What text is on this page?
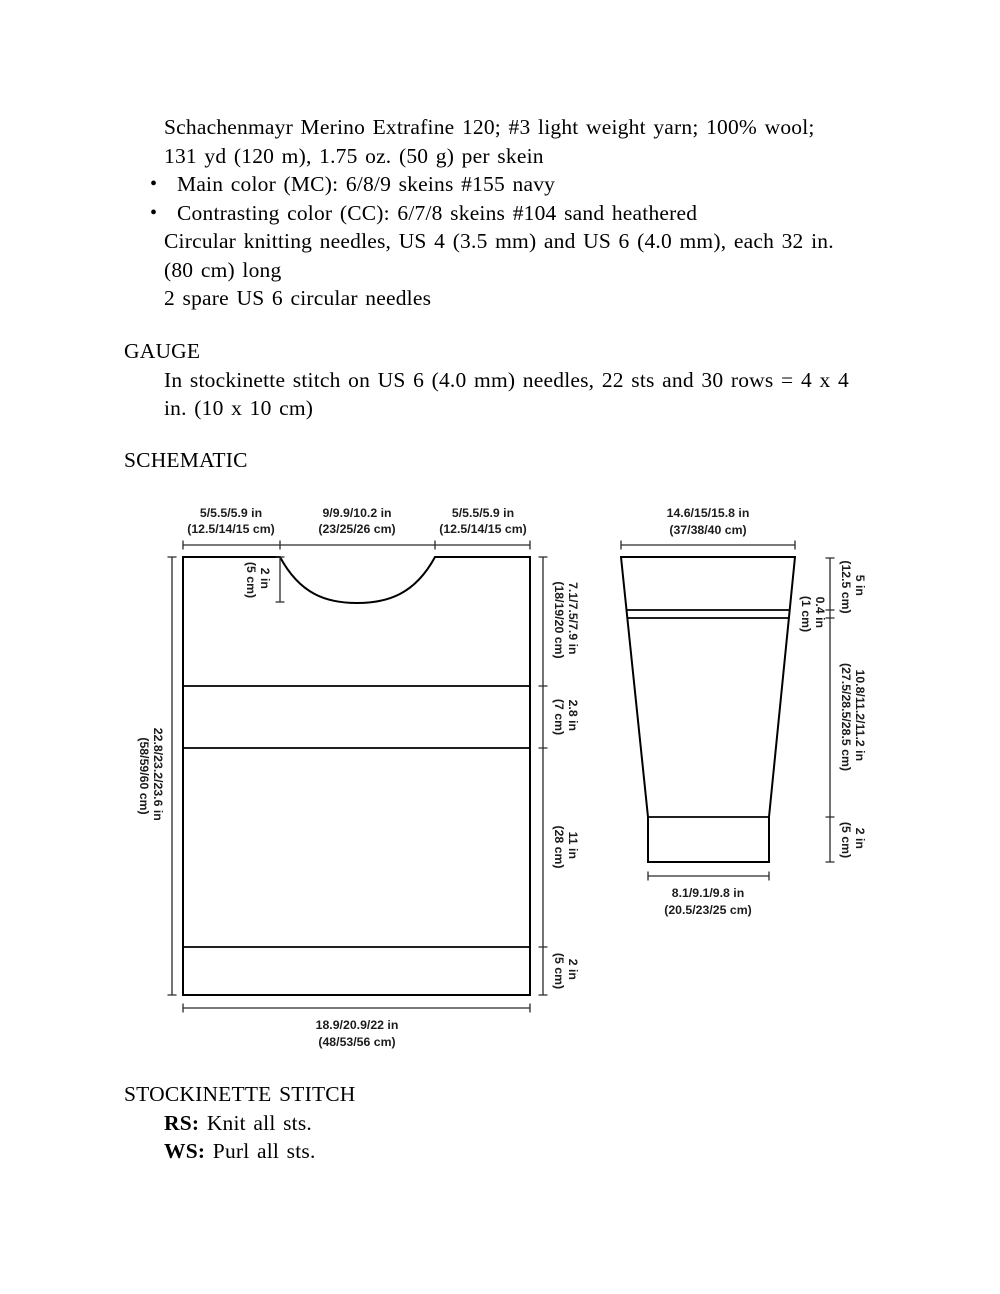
Schachenmayr Merino Extrafine 120; #3 light weight yarn; 100% wool;
131 yd (120 m), 1.75 oz. (50 g) per skein
• Main color (MC): 6/8/9 skeins #155 navy
• Contrasting color (CC): 6/7/8 skeins #104 sand heathered
Circular knitting needles, US 4 (3.5 mm) and US 6 (4.0 mm), each 32 in.
(80 cm) long
2 spare US 6 circular needles
GAUGE
In stockinette stitch on US 6 (4.0 mm) needles, 22 sts and 30 rows = 4 x 4
in. (10 x 10 cm)
SCHEMATIC
5/5.5/5.9 in
(12.5/14/15 cm)
9/9.9/10.2 in
(23/25/26 cm)
5/5.5/5.9 in
(12.5/14/15 cm)
2 in (5 cm)
22.8/23.2/23.6 in (58/59/60 cm)
7.1/7.5/7.9 in (18/19/20 cm)
2.8 in (7 cm)
11 in (28 cm)
2 in (5 cm)
18.9/20.9/22 in
(48/53/56 cm)
14.6/15/15.8 in
(37/38/40 cm)
5 in (12.5 cm)
0.4 in (1 cm)
10.8/11.2/11.2 in (27.5/28.5/28.5 cm)
2 in (5 cm)
8.1/9.1/9.8 in
(20.5/23/25 cm)
STOCKINETTE STITCH
RS: Knit all sts.
WS: Purl all sts.
